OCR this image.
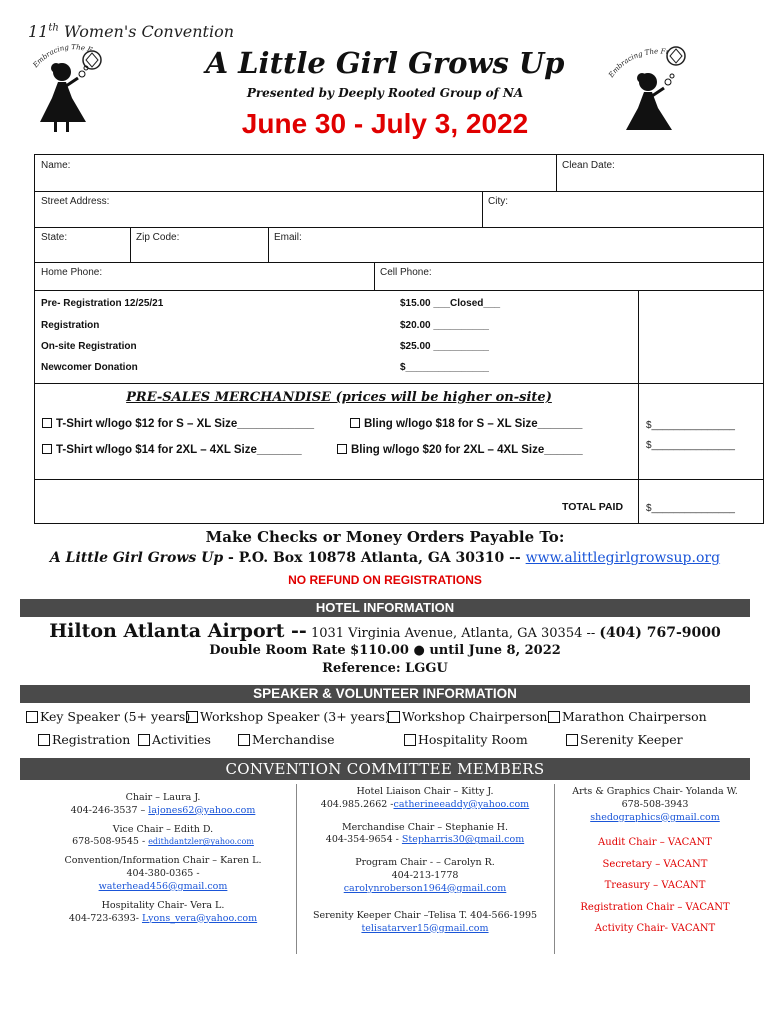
11th Women's Convention
Embracing The F
Embracing The Fr
A Little Girl Grows Up
Presented by Deeply Rooted Group of NA
June 30 - July 3, 2022
Name:	Clean Date:
Street Address:	City:
State:	Zip Code:	Email:
Home Phone:	Cell Phone:
Pre- Registration 12/25/21	$15.00 ___Closed___
Registration	$20.00 __________
On-site Registration	$25.00 __________
Newcomer Donation	$_______________
PRE-SALES MERCHANDISE (prices will be higher on-site)
T-Shirt w/logo $12 for S – XL Size____________	Bling w/logo $18 for S – XL Size_______
T-Shirt w/logo $14 for 2XL – 4XL Size_______	Bling w/logo $20 for 2XL – 4XL Size______
$_______________
$_______________
TOTAL PAID $_______________
Make Checks or Money Orders Payable To:
A Little Girl Grows Up - P.O. Box 10878 Atlanta, GA 30310 -- www.alittlegirlgrowsup.org
NO REFUND ON REGISTRATIONS
HOTEL INFORMATION
Hilton Atlanta Airport -- 1031 Virginia Avenue, Atlanta, GA 30354 -- (404) 767-9000
Double Room Rate $110.00 ● until June 8, 2022
Reference: LGGU
SPEAKER & VOLUNTEER INFORMATION
Key Speaker (5+ years) Workshop Speaker (3+ years) Workshop Chairperson	Marathon Chairperson
Registration	Activities	Merchandise	Hospitality Room	Serenity Keeper
CONVENTION COMMITTEE MEMBERS
Chair – Laura J.
404-246-3537 – lajones62@yahoo.com
Vice Chair – Edith D.
678-508-9545 - edithdantzler@yahoo.com
Convention/Information Chair – Karen L.
404-380-0365 -
waterhead456@gmail.com
Hospitality Chair- Vera L.
404-723-6393- Lyons_vera@yahoo.com
Hotel Liaison Chair – Kitty J.
404.985.2662 -catherineeaddy@yahoo.com
Merchandise Chair – Stephanie H.
404-354-9654 - Stepharris30@gmail.com
Program Chair - – Carolyn R.
404-213-1778
carolynroberson1964@gmail.com
Serenity Keeper Chair –Telisa T. 404-566-1995
telisatarver15@gmail.com
Arts & Graphics Chair- Yolanda W.
678-508-3943
shedographics@gmail.com
Audit Chair – VACANT
Secretary – VACANT
Treasury – VACANT
Registration Chair – VACANT
Activity Chair- VACANT
